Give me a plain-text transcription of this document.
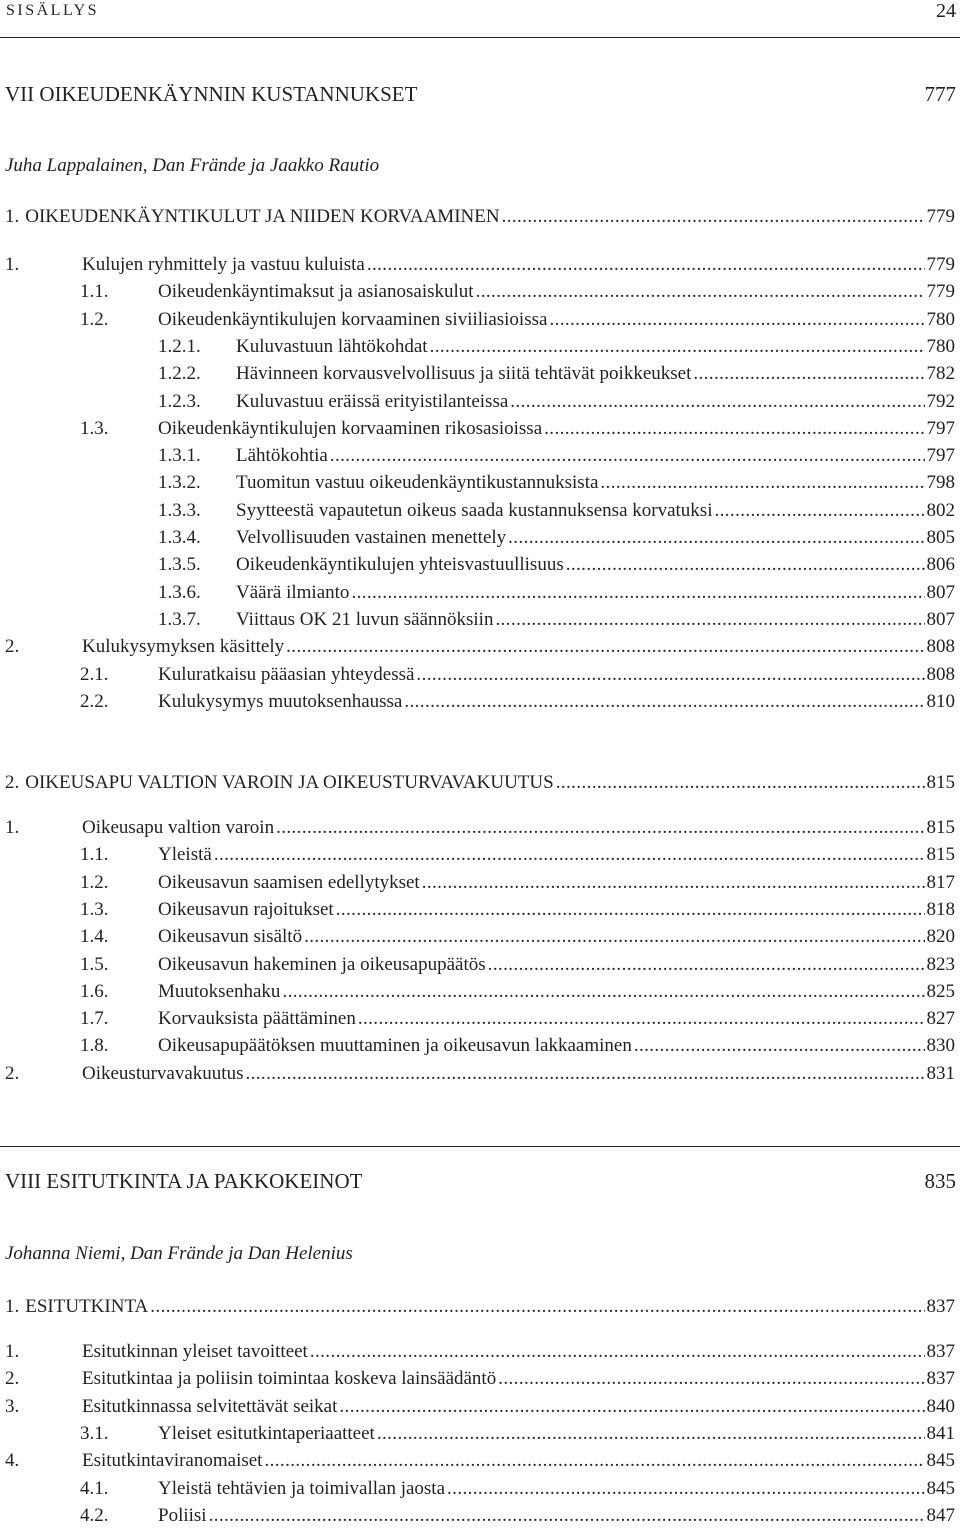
SISÄLLYS	24
VII OIKEUDENKÄYNNIN KUSTANNUKSET	777
Juha Lappalainen, Dan Frände ja Jaakko Rautio
1. OIKEUDENKÄYNTIKULUT JA NIIDEN KORVAAMINEN .....	779
1.	Kulujen ryhmittely ja vastuu kuluista .....	779
1.1.	Oikeudenkäyntimaksut ja asianosaiskulut .....	779
1.2.	Oikeudenkäyntikulujen korvaaminen siviiliasioissa .....	780
1.2.1.	Kuluvastuun lähtökohdat .....	780
1.2.2.	Hävinneen korvausvelvollisuus ja siitä tehtävät poikkeukset .....	782
1.2.3.	Kuluvastuu eräissä erityistilanteissa .....	792
1.3.	Oikeudenkäyntikulujen korvaaminen rikosasioissa .....	797
1.3.1.	Lähtökohtia .....	797
1.3.2.	Tuomitun vastuu oikeudenkäyntikustannuksista .....	798
1.3.3.	Syytteestä vapautetun oikeus saada kustannuksensa korvatuksi .....	802
1.3.4.	Velvollisuuden vastainen menettely .....	805
1.3.5.	Oikeudenkäyntikulujen yhteisvastuullisuus .....	806
1.3.6.	Väärä ilmianto .....	807
1.3.7.	Viittaus OK 21 luvun säännöksiin .....	807
2.	Kulukysymyksen käsittely .....	808
2.1.	Kuluratkaisu pääasian yhteydessä .....	808
2.2.	Kulukysymys muutoksenhaussa .....	810
2. OIKEUSAPU VALTION VAROIN JA OIKEUSTURVAVAKUUTUS .....	815
1.	Oikeusapu valtion varoin .....	815
1.1.	Yleistä .....	815
1.2.	Oikeusavun saamisen edellytykset .....	817
1.3.	Oikeusavun rajoitukset .....	818
1.4.	Oikeusavun sisältö .....	820
1.5.	Oikeusavun hakeminen ja oikeusapupäätös .....	823
1.6.	Muutoksenhaku .....	825
1.7.	Korvauksista päättäminen .....	827
1.8.	Oikeusapupäätöksen muuttaminen ja oikeusavun lakkaaminen .....	830
2.	Oikeusturvavakuutus .....	831
VIII ESITUTKINTA JA PAKKOKEINOT	835
Johanna Niemi, Dan Frände ja Dan Helenius
1. ESITUTKINTA .....	837
1.	Esitutkinnan yleiset tavoitteet .....	837
2.	Esitutkintaa ja poliisin toimintaa koskeva lainsäädäntö .....	837
3.	Esitutkinnassa selvitettävät seikat .....	840
3.1.	Yleiset esitutkintaperiaatteet .....	841
4.	Esitutkintaviranomaiset .....	845
4.1.	Yleistä tehtävien ja toimivallan jaosta .....	845
4.2.	Poliisi .....	847
